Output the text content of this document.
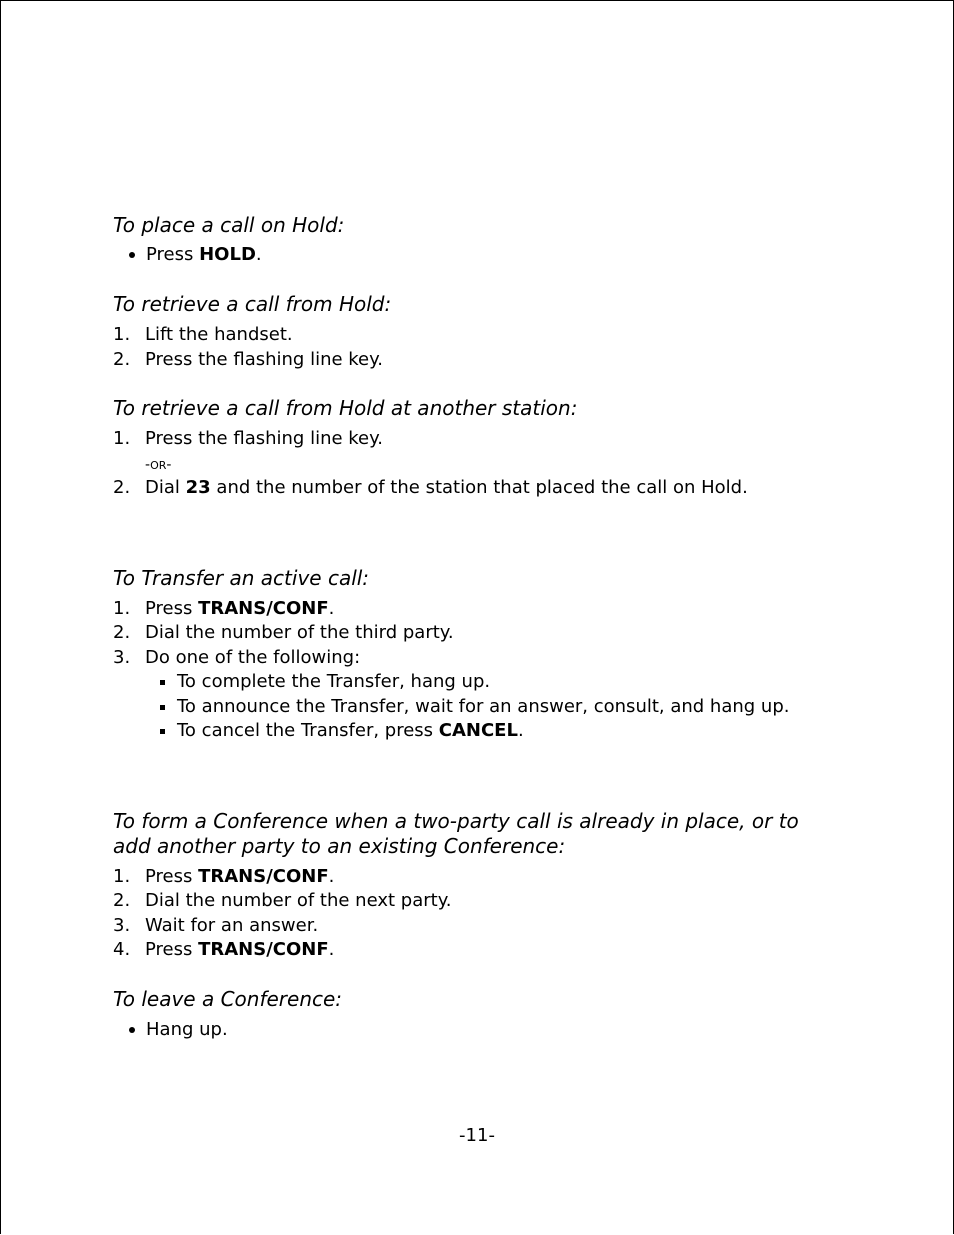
To place a call on Hold:
Press HOLD.
To retrieve a call from Hold:
1. Lift the handset.
2. Press the flashing line key.
To retrieve a call from Hold at another station:
1. Press the flashing line key.
-OR-
2. Dial 23 and the number of the station that placed the call on Hold.
To Transfer an active call:
1. Press TRANS/CONF.
2. Dial the number of the third party.
3. Do one of the following:
To complete the Transfer, hang up.
To announce the Transfer, wait for an answer, consult, and hang up.
To cancel the Transfer, press CANCEL.
To form a Conference when a two-party call is already in place, or to
add another party to an existing Conference:
1. Press TRANS/CONF.
2. Dial the number of the next party.
3. Wait for an answer.
4. Press TRANS/CONF.
To leave a Conference:
Hang up.
-11-
